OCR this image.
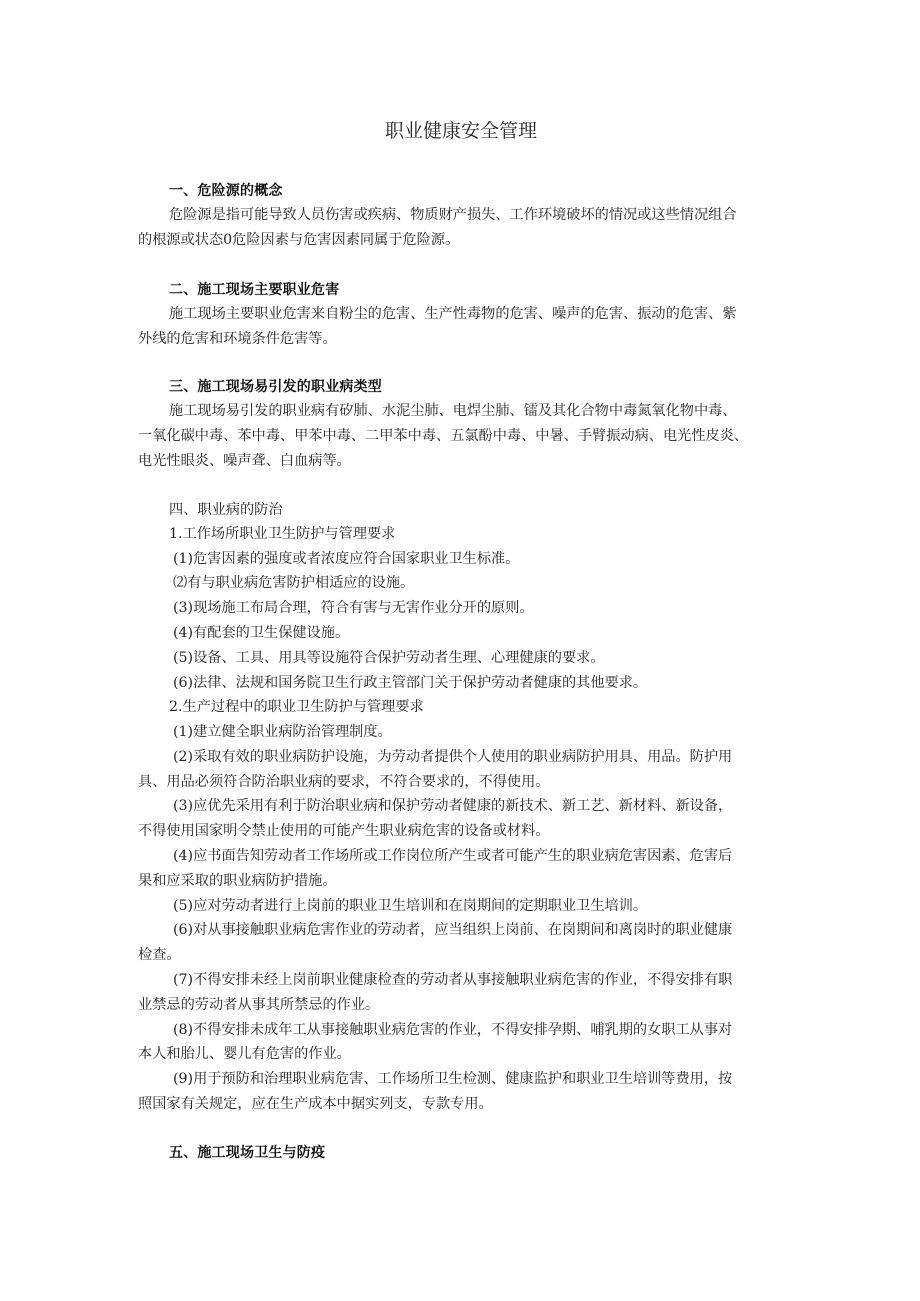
职业健康安全管理
一、危险源的概念
危险源是指可能导致人员伤害或疾病、物质财产损失、工作环境破坏的情况或这些情况组合
的根源或状态0危险因素与危害因素同属于危险源。
二、施工现场主要职业危害
施工现场主要职业危害来自粉尘的危害、生产性毒物的危害、噪声的危害、振动的危害、紫
外线的危害和环境条件危害等。
三、施工现场易引发的职业病类型
施工现场易引发的职业病有矽肺、水泥尘肺、电焊尘肺、镭及其化合物中毒氮氧化物中毒、
一氧化碳中毒、苯中毒、甲苯中毒、二甲苯中毒、五氯酚中毒、中暑、手臂振动病、电光性皮炎、
电光性眼炎、噪声聋、白血病等。
四、职业病的防治
1.工作场所职业卫生防护与管理要求
(1)危害因素的强度或者浓度应符合国家职业卫生标准。
⑵有与职业病危害防护相适应的设施。
(3)现场施工布局合理，符合有害与无害作业分开的原则。
(4)有配套的卫生保健设施。
(5)设备、工具、用具等设施符合保护劳动者生理、心理健康的要求。
(6)法律、法规和国务院卫生行政主管部门关于保护劳动者健康的其他要求。
2.生产过程中的职业卫生防护与管理要求
(1)建立健全职业病防治管理制度。
(2)采取有效的职业病防护设施，为劳动者提供个人使用的职业病防护用具、用品。防护用
具、用品必须符合防治职业病的要求，不符合要求的，不得使用。
(3)应优先采用有利于防治职业病和保护劳动者健康的新技术、新工艺、新材料、新设备，
不得使用国家明令禁止使用的可能产生职业病危害的设备或材料。
(4)应书面告知劳动者工作场所或工作岗位所产生或者可能产生的职业病危害因素、危害后
果和应采取的职业病防护措施。
(5)应对劳动者进行上岗前的职业卫生培训和在岗期间的定期职业卫生培训。
(6)对从事接触职业病危害作业的劳动者，应当组织上岗前、在岗期间和离岗时的职业健康
检查。
(7)不得安排未经上岗前职业健康检查的劳动者从事接触职业病危害的作业，不得安排有职
业禁忌的劳动者从事其所禁忌的作业。
(8)不得安排未成年工从事接触职业病危害的作业，不得安排孕期、哺乳期的女职工从事对
本人和胎儿、婴儿有危害的作业。
(9)用于预防和治理职业病危害、工作场所卫生检测、健康监护和职业卫生培训等费用，按
照国家有关规定，应在生产成本中据实列支，专款专用。
五、施工现场卫生与防疫
